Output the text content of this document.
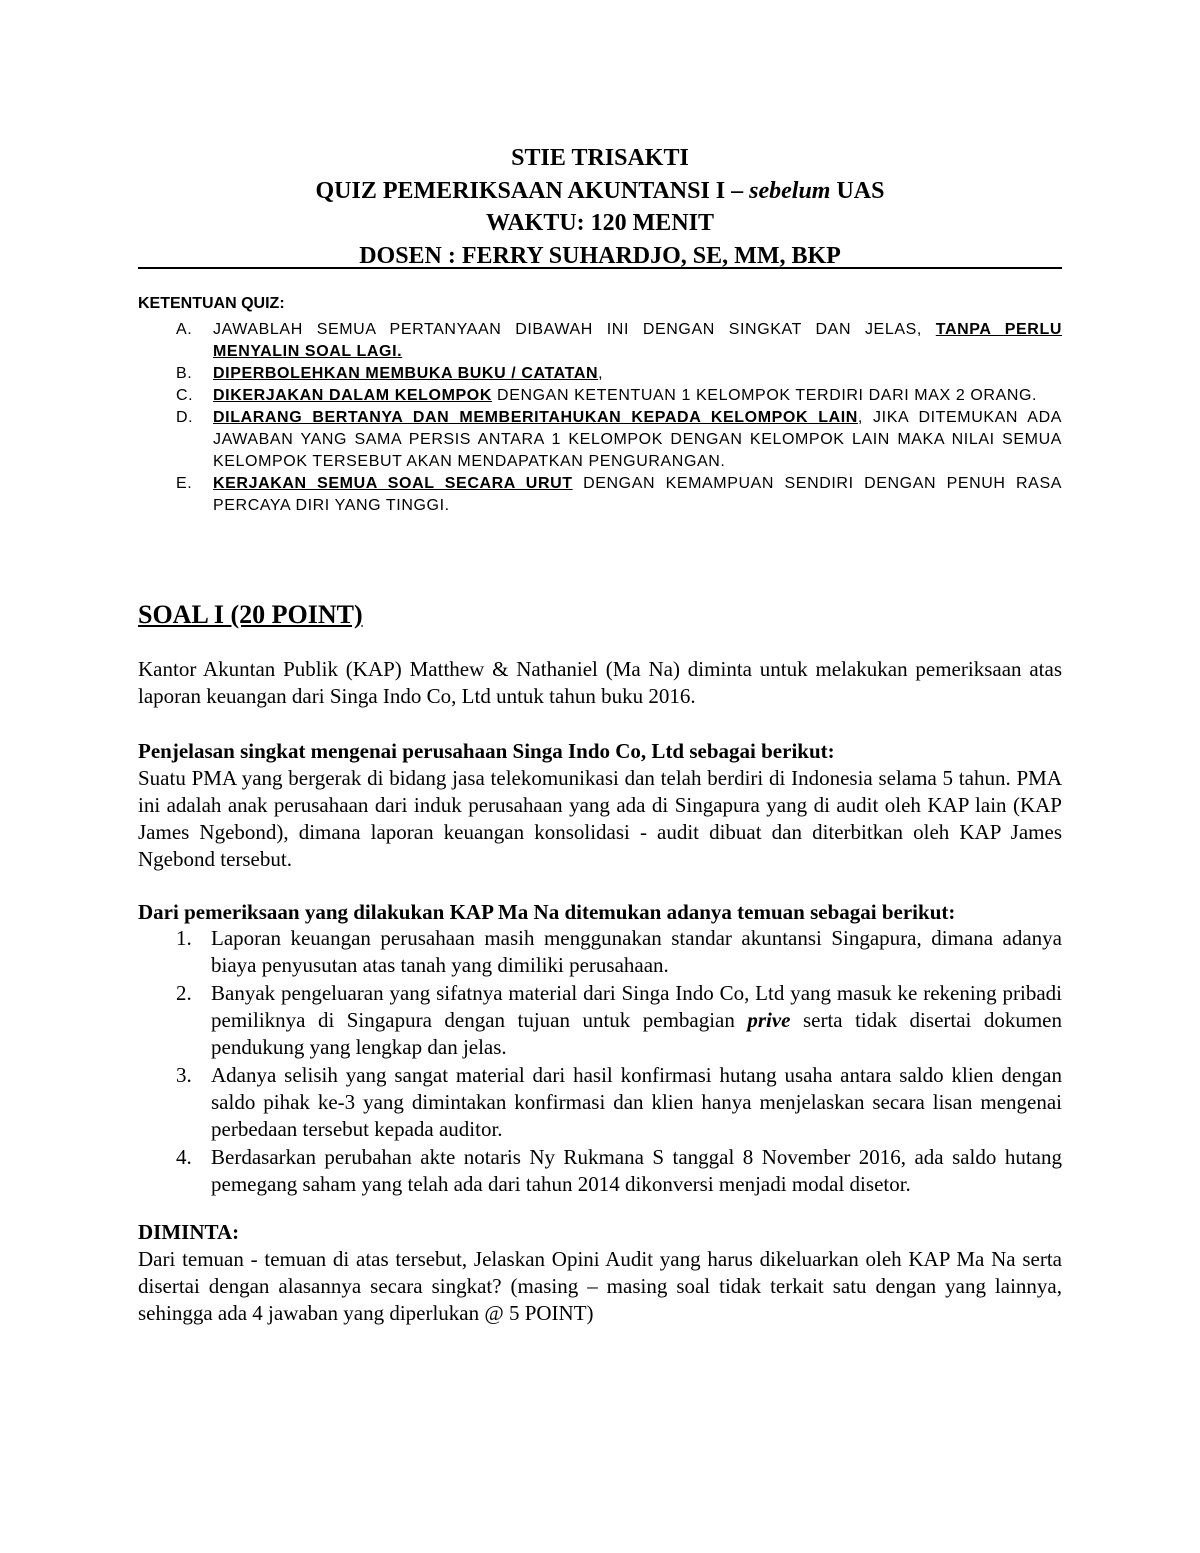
STIE TRISAKTI
QUIZ PEMERIKSAAN AKUNTANSI I – sebelum UAS
WAKTU: 120 MENIT
DOSEN : FERRY SUHARDJO, SE, MM, BKP
KETENTUAN QUIZ:

A. JAWABLAH SEMUA PERTANYAAN DIBAWAH INI DENGAN SINGKAT DAN JELAS, TANPA PERLU MENYALIN SOAL LAGI.

B. DIPERBOLEHKAN MEMBUKA BUKU / CATATAN,

C. DIKERJAKAN DALAM KELOMPOK DENGAN KETENTUAN 1 KELOMPOK TERDIRI DARI MAX 2 ORANG.

D. DILARANG BERTANYA DAN MEMBERITAHUKAN KEPADA KELOMPOK LAIN, JIKA DITEMUKAN ADA JAWABAN YANG SAMA PERSIS ANTARA 1 KELOMPOK DENGAN KELOMPOK LAIN MAKA NILAI SEMUA KELOMPOK TERSEBUT AKAN MENDAPATKAN PENGURANGAN.

E. KERJAKAN SEMUA SOAL SECARA URUT DENGAN KEMAMPUAN SENDIRI DENGAN PENUH RASA PERCAYA DIRI YANG TINGGI.

SOAL I (20 POINT)

Kantor Akuntan Publik (KAP) Matthew & Nathaniel (Ma Na) diminta untuk melakukan pemeriksaan atas laporan keuangan dari Singa Indo Co, Ltd untuk tahun buku 2016.

Penjelasan singkat mengenai perusahaan Singa Indo Co, Ltd sebagai berikut:

Suatu PMA yang bergerak di bidang jasa telekomunikasi dan telah berdiri di Indonesia selama 5 tahun. PMA ini adalah anak perusahaan dari induk perusahaan yang ada di Singapura yang di audit oleh KAP lain (KAP James Ngebond), dimana laporan keuangan konsolidasi - audit dibuat dan diterbitkan oleh KAP James Ngebond tersebut.

Dari pemeriksaan yang dilakukan KAP Ma Na ditemukan adanya temuan sebagai berikut:

1. Laporan keuangan perusahaan masih menggunakan standar akuntansi Singapura, dimana adanya biaya penyusutan atas tanah yang dimiliki perusahaan.

2. Banyak pengeluaran yang sifatnya material dari Singa Indo Co, Ltd yang masuk ke rekening pribadi pemiliknya di Singapura dengan tujuan untuk pembagian prive serta tidak disertai dokumen pendukung yang lengkap dan jelas.

3. Adanya selisih yang sangat material dari hasil konfirmasi hutang usaha antara saldo klien dengan saldo pihak ke-3 yang dimintakan konfirmasi dan klien hanya menjelaskan secara lisan mengenai perbedaan tersebut kepada auditor.

4. Berdasarkan perubahan akte notaris Ny Rukmana S tanggal 8 November 2016, ada saldo hutang pemegang saham yang telah ada dari tahun 2014 dikonversi menjadi modal disetor.

DIMINTA:

Dari temuan - temuan di atas tersebut, Jelaskan Opini Audit yang harus dikeluarkan oleh KAP Ma Na serta disertai dengan alasannya secara singkat? (masing – masing soal tidak terkait satu dengan yang lainnya, sehingga ada 4 jawaban yang diperlukan @ 5 POINT)
